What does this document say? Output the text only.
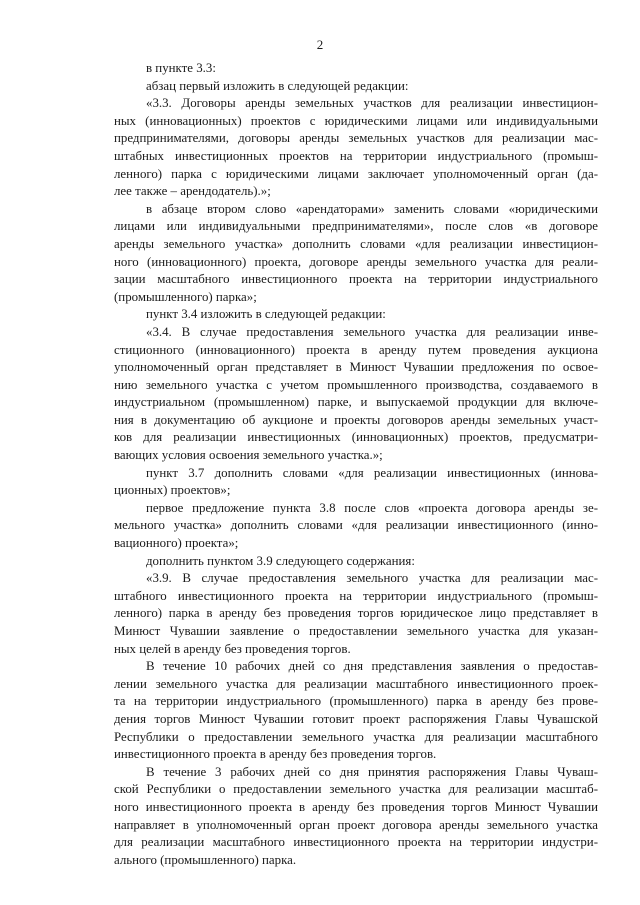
2
в пункте 3.3:
абзац первый изложить в следующей редакции:
«3.3. Договоры аренды земельных участков для реализации инвестицион-
ных (инновационных) проектов с юридическими лицами или индивидуальными
предпринимателями, договоры аренды земельных участков для реализации мас-
штабных инвестиционных проектов на территории индустриального (промыш-
ленного) парка с юридическими лицами заключает уполномоченный орган (да-
лее также – арендодатель).»;
в абзаце втором слово «арендаторами» заменить словами «юридическими
лицами или индивидуальными предпринимателями», после слов «в договоре
аренды земельного участка» дополнить словами «для реализации инвестицион-
ного (инновационного) проекта, договоре аренды земельного участка для реали-
зации масштабного инвестиционного проекта на территории индустриального
(промышленного) парка»;
пункт 3.4 изложить в следующей редакции:
«3.4. В случае предоставления земельного участка для реализации инве-
стиционного (инновационного) проекта в аренду путем проведения аукциона
уполномоченный орган представляет в Минюст Чувашии предложения по освое-
нию земельного участка с учетом промышленного производства, создаваемого в
индустриальном (промышленном) парке, и выпускаемой продукции для включе-
ния в документацию об аукционе и проекты договоров аренды земельных участ-
ков для реализации инвестиционных (инновационных) проектов, предусматри-
вающих условия освоения земельного участка.»;
пункт 3.7 дополнить словами «для реализации инвестиционных (иннова-
ционных) проектов»;
первое предложение пункта 3.8 после слов «проекта договора аренды зе-
мельного участка» дополнить словами «для реализации инвестиционного (инно-
вационного) проекта»;
дополнить пунктом 3.9 следующего содержания:
«3.9. В случае предоставления земельного участка для реализации мас-
штабного инвестиционного проекта на территории индустриального (промыш-
ленного) парка в аренду без проведения торгов юридическое лицо представляет в
Минюст Чувашии заявление о предоставлении земельного участка для указан-
ных целей в аренду без проведения торгов.
В течение 10 рабочих дней со дня представления заявления о предостав-
лении земельного участка для реализации масштабного инвестиционного проек-
та на территории индустриального (промышленного) парка в аренду без прове-
дения торгов Минюст Чувашии готовит проект распоряжения Главы Чувашской
Республики о предоставлении земельного участка для реализации масштабного
инвестиционного проекта в аренду без проведения торгов.
В течение 3 рабочих дней со дня принятия распоряжения Главы Чуваш-
ской Республики о предоставлении земельного участка для реализации масштаб-
ного инвестиционного проекта в аренду без проведения торгов Минюст Чувашии
направляет в уполномоченный орган проект договора аренды земельного участка
для реализации масштабного инвестиционного проекта на территории индустри-
ального (промышленного) парка.
